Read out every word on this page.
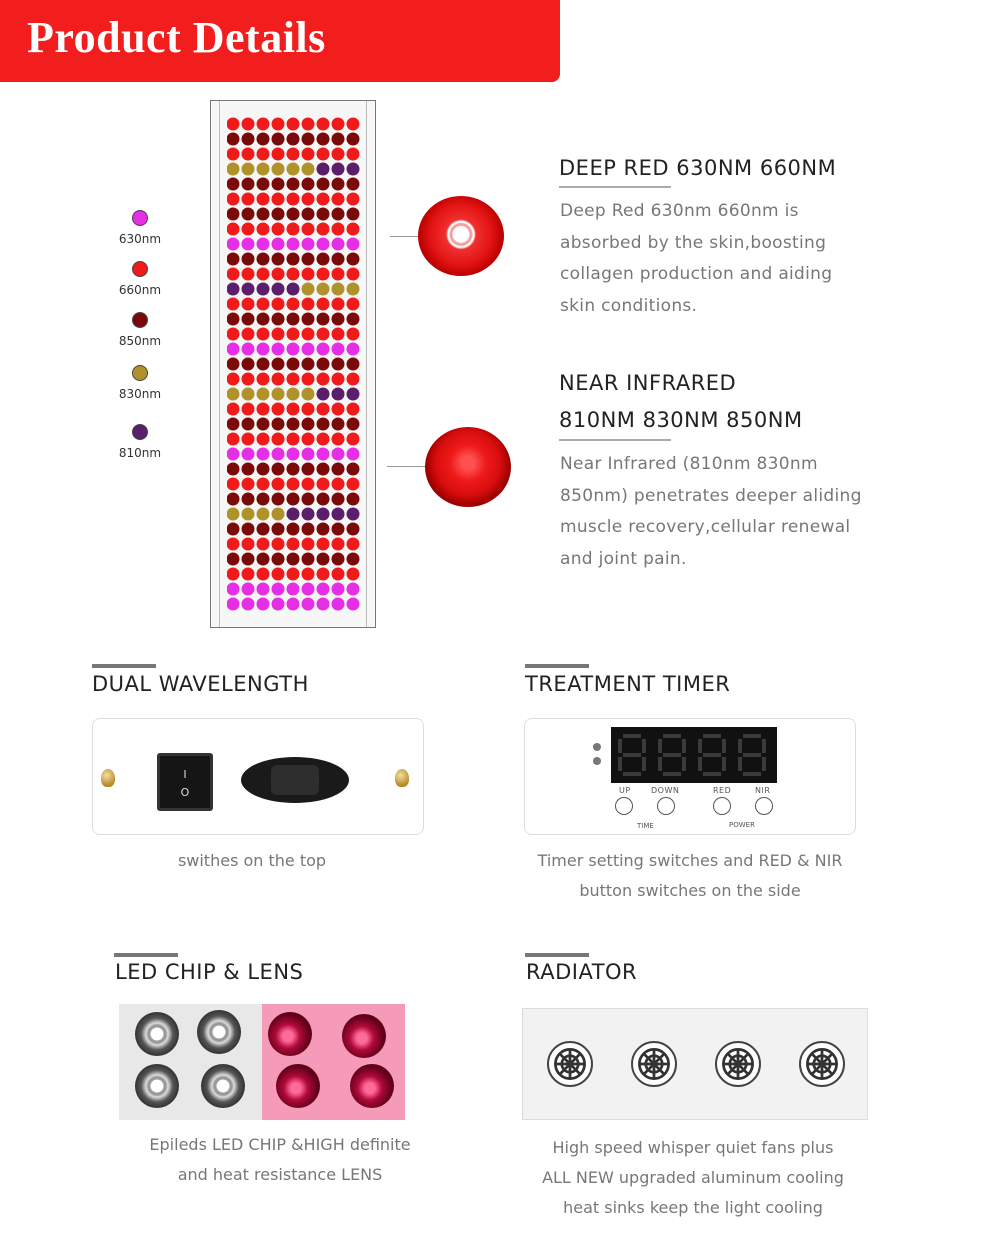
Product Details
630nm
660nm
850nm
830nm
810nm
DEEP RED 630NM 660NM
Deep Red 630nm 660nm is
absorbed by the skin,boosting
collagen production and aiding
skin conditions.
NEAR INFRARED
810NM 830NM 850NM
Near Infrared (810nm 830nm
850nm) penetrates deeper aliding
muscle recovery,cellular renewal
and joint pain.
DUAL WAVELENGTH
I
O
swithes on the top
TREATMENT TIMER
UP	DOWN	RED	NIR
TIME	POWER
Timer setting switches and RED & NIR
button switches on the side
LED CHIP & LENS
Epileds LED CHIP &HIGH definite
and heat resistance LENS
RADIATOR
High speed whisper quiet fans plus
ALL NEW upgraded aluminum cooling
heat sinks keep the light cooling
